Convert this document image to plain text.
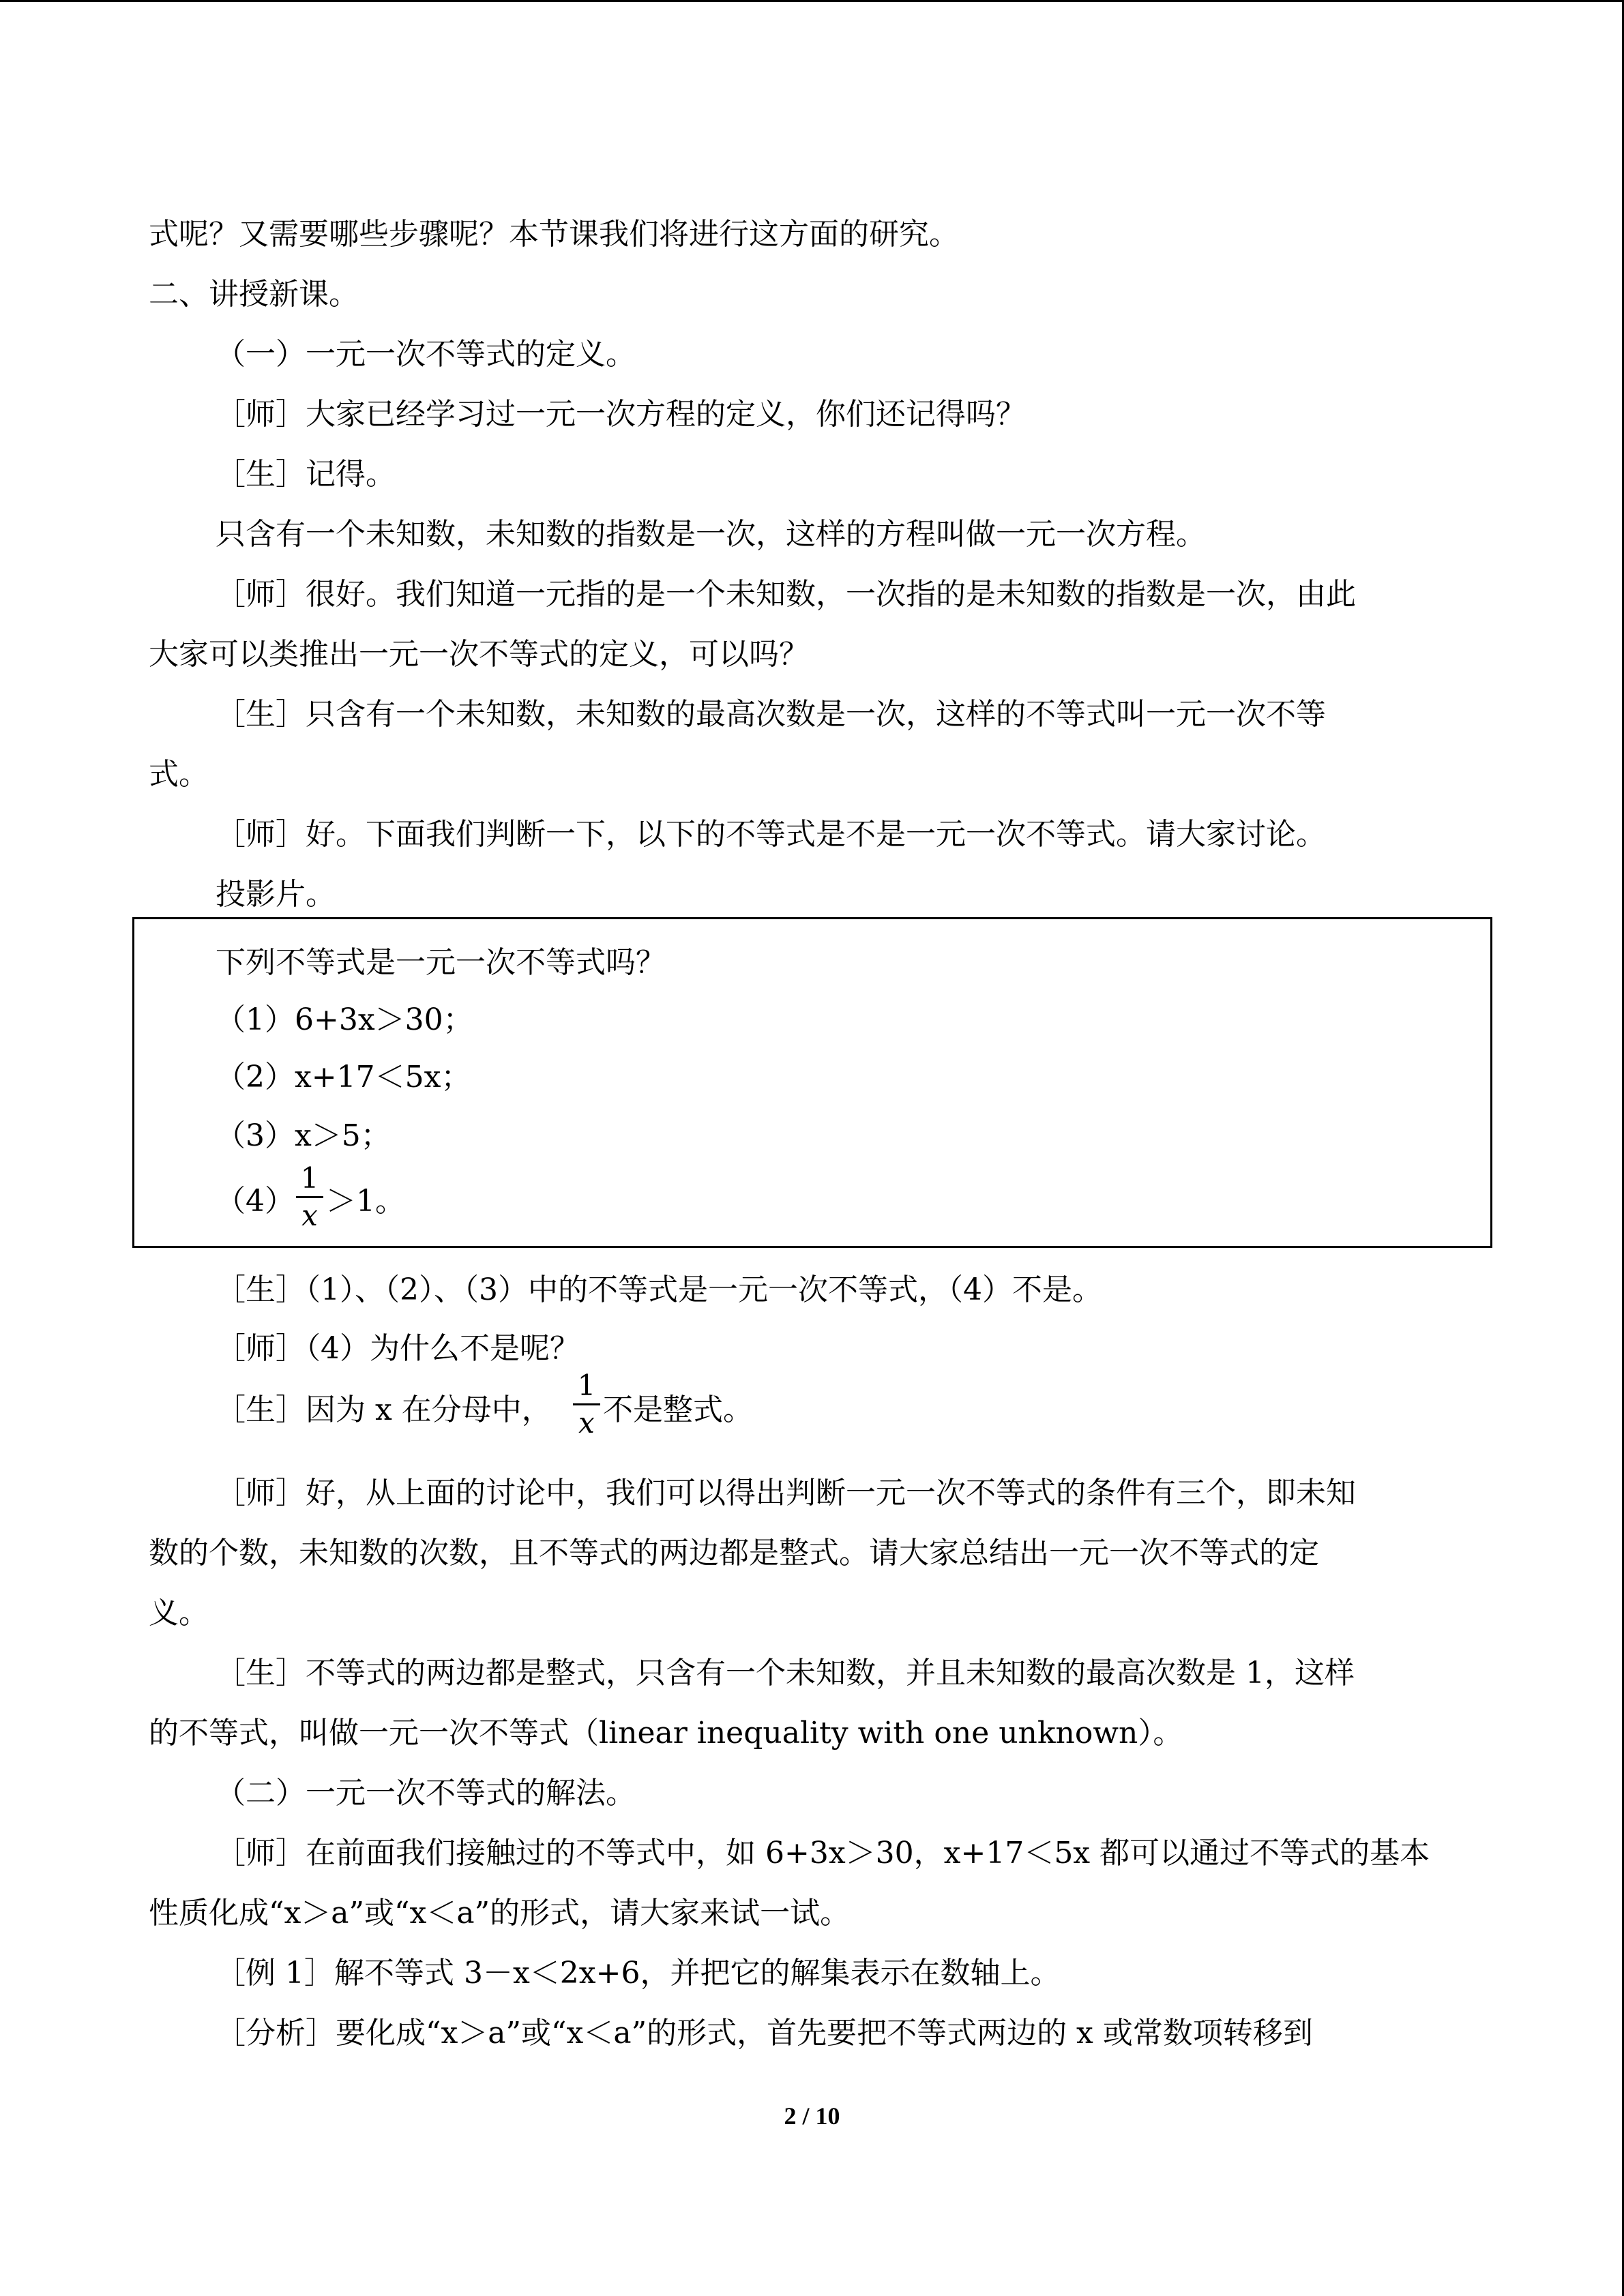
式呢？又需要哪些步骤呢？本节课我们将进行这方面的研究。
二、讲授新课。
（一）一元一次不等式的定义。
［师］大家已经学习过一元一次方程的定义，你们还记得吗？
［生］记得。
只含有一个未知数，未知数的指数是一次，这样的方程叫做一元一次方程。
［师］很好。我们知道一元指的是一个未知数，一次指的是未知数的指数是一次，由此
大家可以类推出一元一次不等式的定义，可以吗？
［生］只含有一个未知数，未知数的最高次数是一次，这样的不等式叫一元一次不等
式。
［师］好。下面我们判断一下，以下的不等式是不是一元一次不等式。请大家讨论。
投影片。
下列不等式是一元一次不等式吗？
（1）6+3x＞30；
（2）x+17＜5x；
（3）x＞5；
（4）
1
x ＞1。
［生］（1）、（2）、（3）中的不等式是一元一次不等式，（4）不是。
［师］（4）为什么不是呢？
［生］因为 x 在分母中，
1
x 不是整式。
［师］好，从上面的讨论中，我们可以得出判断一元一次不等式的条件有三个，即未知
数的个数，未知数的次数，且不等式的两边都是整式。请大家总结出一元一次不等式的定
义。
［生］不等式的两边都是整式，只含有一个未知数，并且未知数的最高次数是 1，这样
的不等式，叫做一元一次不等式（linear inequality with one unknown）。
（二）一元一次不等式的解法。
［师］在前面我们接触过的不等式中，如 6+3x＞30，x+17＜5x 都可以通过不等式的基本
性质化成“x＞a”或“x＜a”的形式，请大家来试一试。
［例 1］解不等式 3－x＜2x+6，并把它的解集表示在数轴上。
［分析］要化成“x＞a”或“x＜a”的形式，首先要把不等式两边的 x 或常数项转移到
2 / 10
